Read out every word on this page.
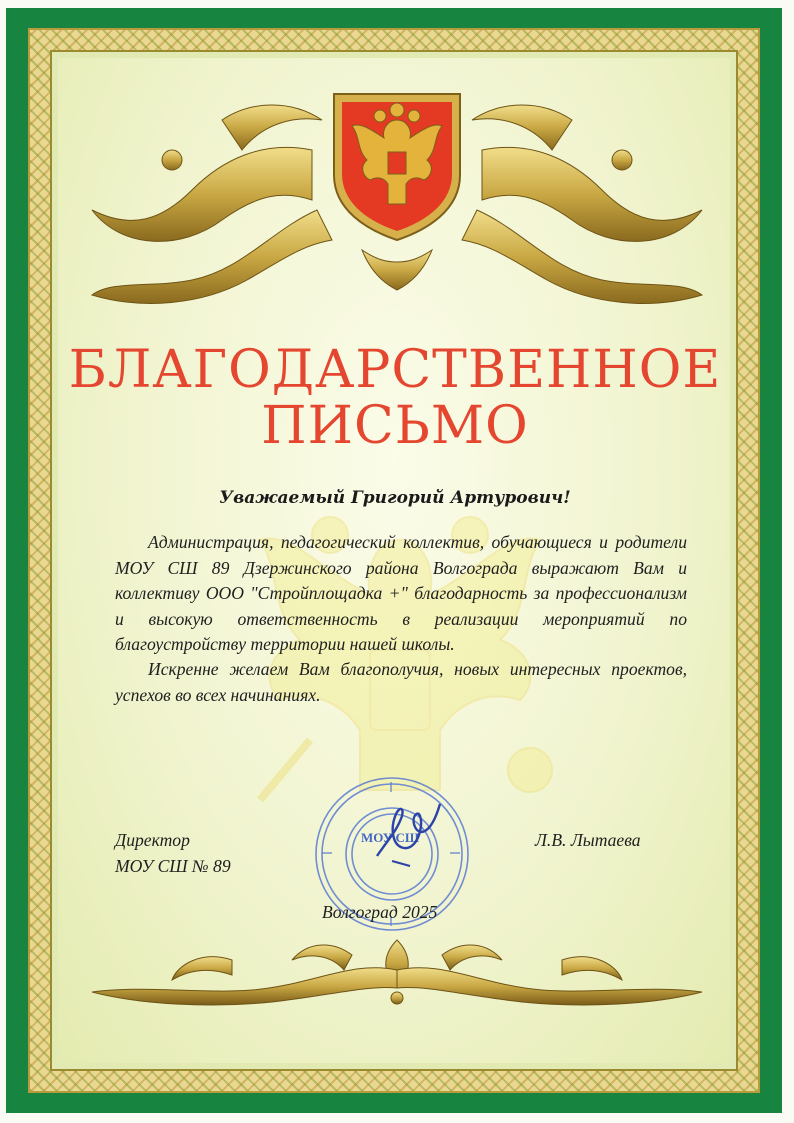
БЛАГОДАРСТВЕННОЕ
ПИСЬМО
Уважаемый Григорий Артурович!
Администрация, педагогический коллектив, обучающиеся и родители МОУ СШ 89 Дзержинского района Волгограда выражают Вам и коллективу ООО "Стройплощадка +" благодарность за профессионализм и высокую ответственность в реализации мероприятий по благоустройству территории нашей школы.
Искренне желаем Вам благополучия, новых интересных проектов, успехов во всех начинаниях.
МОУ СШ
Директор
МОУ СШ № 89
Л.В. Лытаева
Волгоград 2025
